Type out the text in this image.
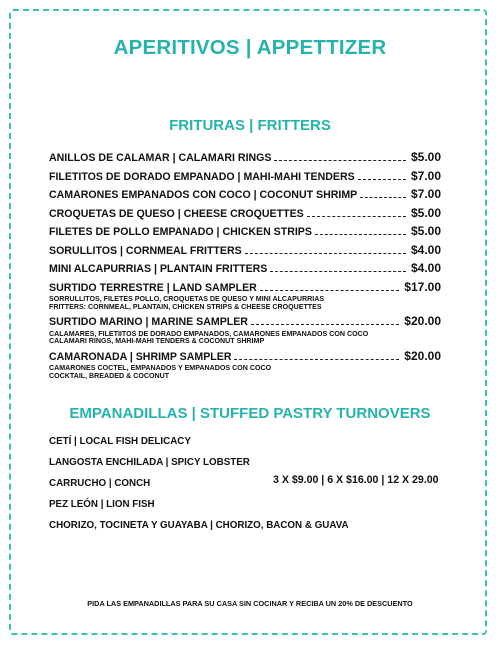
APERITIVOS | APPETTIZER
FRITURAS | FRITTERS
ANILLOS DE CALAMAR | CALAMARI RINGS	$5.00
FILETITOS DE DORADO EMPANADO | MAHI-MAHI TENDERS	$7.00
CAMARONES EMPANADOS CON COCO | COCONUT SHRIMP	$7.00
CROQUETAS DE QUESO | CHEESE CROQUETTES	$5.00
FILETES DE POLLO EMPANADO | CHICKEN STRIPS	$5.00
SORULLITOS | CORNMEAL FRITTERS	$4.00
MINI ALCAPURRIAS | PLANTAIN FRITTERS	$4.00
SURTIDO TERRESTRE | LAND SAMPLER	$17.00
SORRULLITOS, FILETES POLLO, CROQUETAS DE QUESO Y MINI ALCAPURRIAS
FRITTERS: CORNMEAL, PLANTAIN, CHICKEN STRIPS & CHEESE CROQUETTES
SURTIDO MARINO | MARINE SAMPLER	$20.00
CALAMARES, FILETIITOS DE DORADO EMPANADOS, CAMARONES EMPANADOS CON COCO
CALAMARI RINGS, MAHI-MAHI TENDERS & COCONUT SHRIMP
CAMARONADA | SHRIMP SAMPLER	$20.00
CAMARONES COCTEL, EMPANADOS Y EMPANADOS CON COCO
COCKTAIL, BREADED & COCONUT
EMPANADILLAS | STUFFED PASTRY TURNOVERS
CETÍ | LOCAL FISH DELICACY
LANGOSTA ENCHILADA | SPICY LOBSTER
CARRUCHO | CONCH
PEZ LEÓN | LION FISH
CHORIZO, TOCINETA Y GUAYABA | CHORIZO, BACON & GUAVA
3 X $9.00 | 6 X $16.00 | 12 X 29.00
PIDA LAS EMPANADILLAS PARA SU CASA SIN COCINAR Y RECIBA UN 20% DE DESCUENTO
